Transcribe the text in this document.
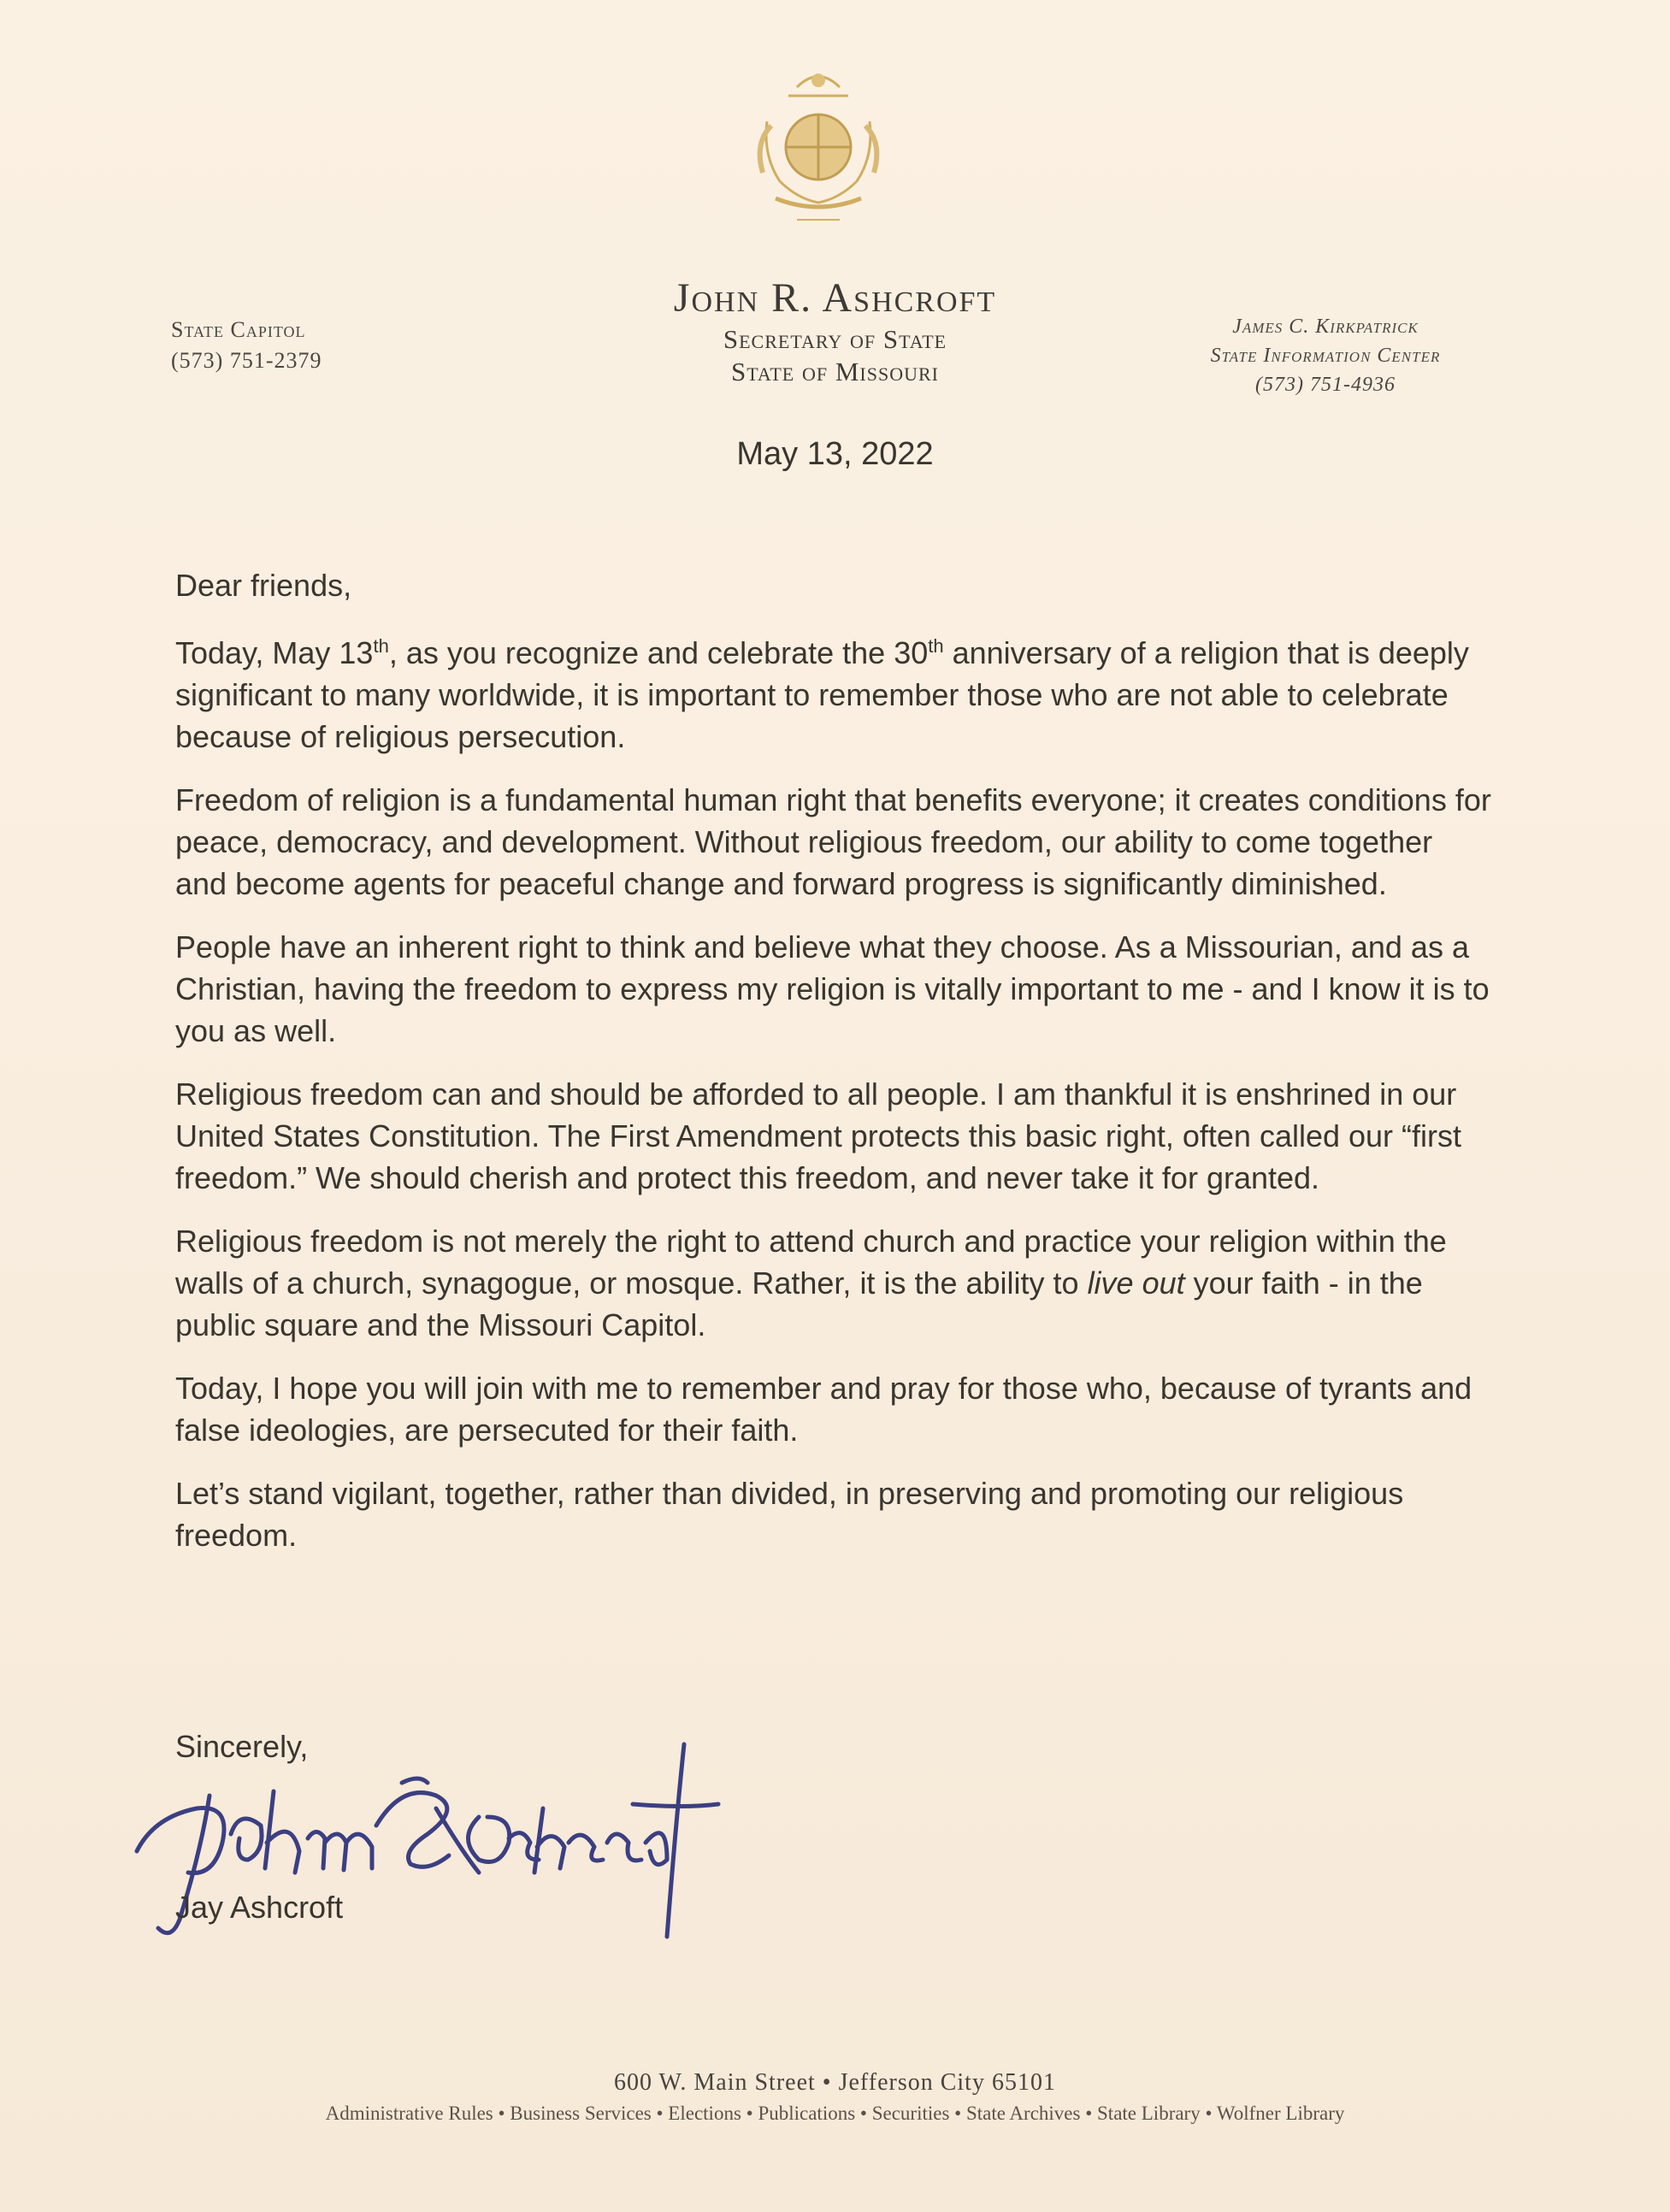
State Capitol
(573) 751-2379
John R. Ashcroft
Secretary of State
State of Missouri
James C. Kirkpatrick
State Information Center
(573) 751-4936
May 13, 2022

Dear friends,

Today, May 13th, as you recognize and celebrate the 30th anniversary of a religion that is deeply significant to many worldwide, it is important to remember those who are not able to celebrate because of religious persecution.

Freedom of religion is a fundamental human right that benefits everyone; it creates conditions for peace, democracy, and development. Without religious freedom, our ability to come together and become agents for peaceful change and forward progress is significantly diminished.

People have an inherent right to think and believe what they choose. As a Missourian, and as a Christian, having the freedom to express my religion is vitally important to me - and I know it is to you as well.

Religious freedom can and should be afforded to all people. I am thankful it is enshrined in our United States Constitution. The First Amendment protects this basic right, often called our “first freedom.” We should cherish and protect this freedom, and never take it for granted.

Religious freedom is not merely the right to attend church and practice your religion within the walls of a church, synagogue, or mosque. Rather, it is the ability to live out your faith - in the public square and the Missouri Capitol.

Today, I hope you will join with me to remember and pray for those who, because of tyrants and false ideologies, are persecuted for their faith.

Let’s stand vigilant, together, rather than divided, in preserving and promoting our religious freedom.

Sincerely,
Jay Ashcroft
600 W. Main Street • Jefferson City 65101
Administrative Rules • Business Services • Elections • Publications • Securities • State Archives • State Library • Wolfner Library
